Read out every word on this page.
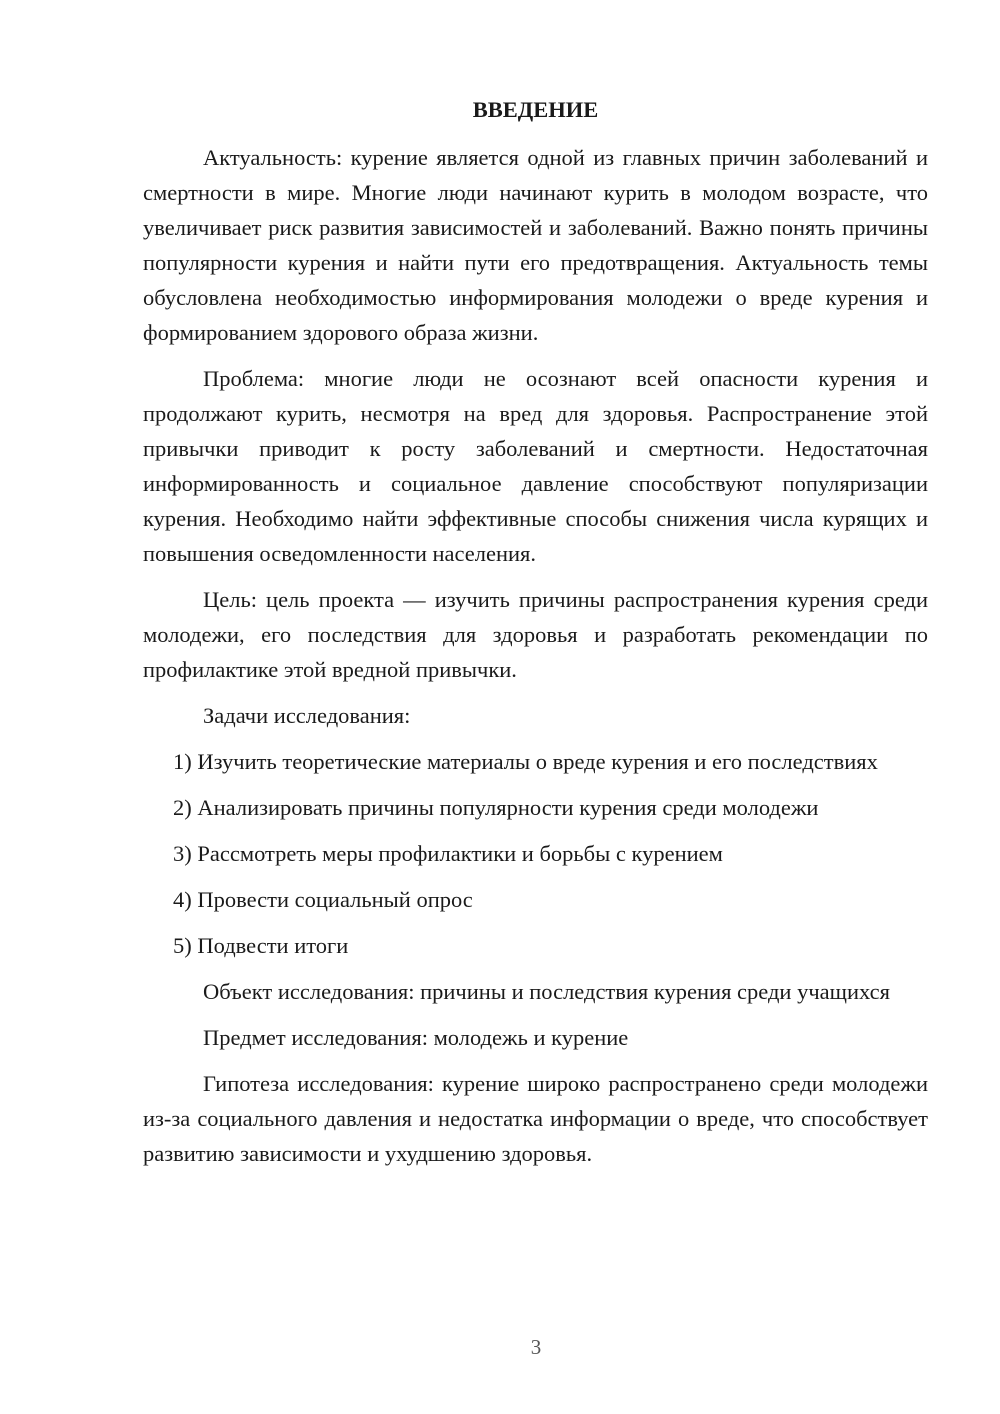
ВВЕДЕНИЕ

Актуальность: курение является одной из главных причин заболеваний и смертности в мире. Многие люди начинают курить в молодом возрасте, что увеличивает риск развития зависимостей и заболеваний. Важно понять причины популярности курения и найти пути его предотвращения. Актуальность темы обусловлена необходимостью информирования молодежи о вреде курения и формированием здорового образа жизни.

Проблема: многие люди не осознают всей опасности курения и продолжают курить, несмотря на вред для здоровья. Распространение этой привычки приводит к росту заболеваний и смертности. Недостаточная информированность и социальное давление способствуют популяризации курения. Необходимо найти эффективные способы снижения числа курящих и повышения осведомленности населения.

Цель: цель проекта — изучить причины распространения курения среди молодежи, его последствия для здоровья и разработать рекомендации по профилактике этой вредной привычки.

Задачи исследования:

1) Изучить теоретические материалы о вреде курения и его последствиях

2) Анализировать причины популярности курения среди молодежи

3) Рассмотреть меры профилактики и борьбы с курением

4) Провести социальный опрос

5) Подвести итоги

Объект исследования: причины и последствия курения среди учащихся

Предмет исследования: молодежь и курение

Гипотеза исследования: курение широко распространено среди молодежи из-за социального давления и недостатка информации о вреде, что способствует развитию зависимости и ухудшению здоровья.

3
